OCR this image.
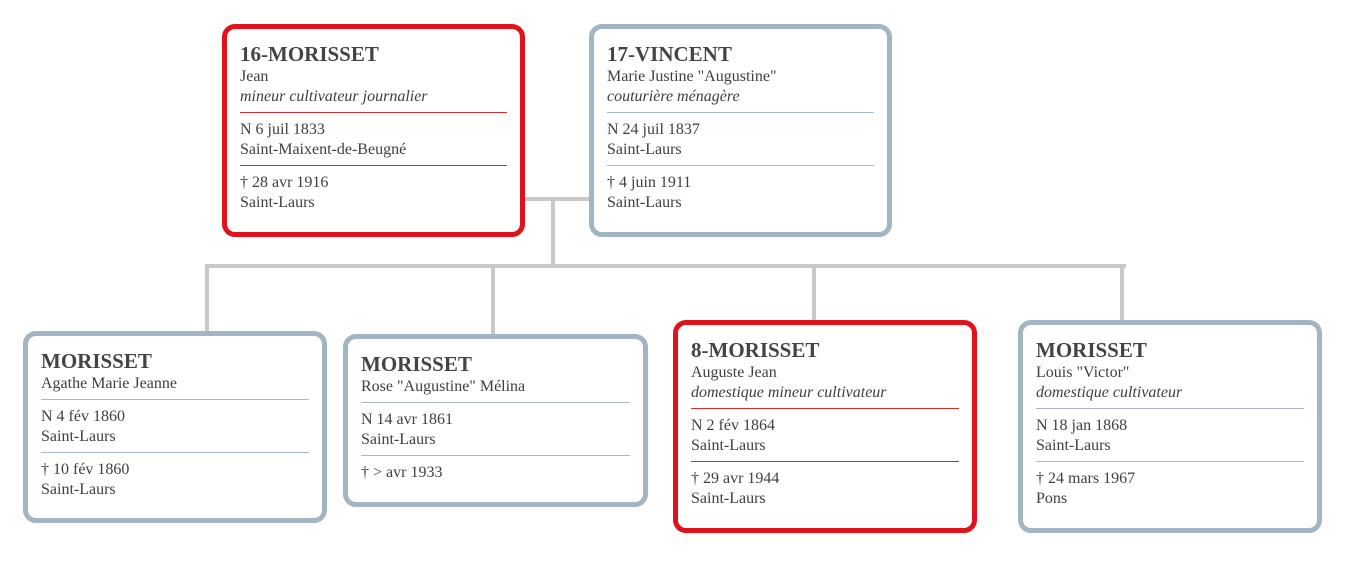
16-MORISSET
Jean
mineur cultivateur journalier
N 6 juil 1833
Saint-Maixent-de-Beugné
† 28 avr 1916
Saint-Laurs
17-VINCENT
Marie Justine "Augustine"
couturière ménagère
N 24 juil 1837
Saint-Laurs
† 4 juin 1911
Saint-Laurs
MORISSET
Agathe Marie Jeanne
N 4 fév 1860
Saint-Laurs
† 10 fév 1860
Saint-Laurs
MORISSET
Rose "Augustine" Mélina
N 14 avr 1861
Saint-Laurs
† > avr 1933
8-MORISSET
Auguste Jean
domestique mineur cultivateur
N 2 fév 1864
Saint-Laurs
† 29 avr 1944
Saint-Laurs
MORISSET
Louis "Victor"
domestique cultivateur
N 18 jan 1868
Saint-Laurs
† 24 mars 1967
Pons
